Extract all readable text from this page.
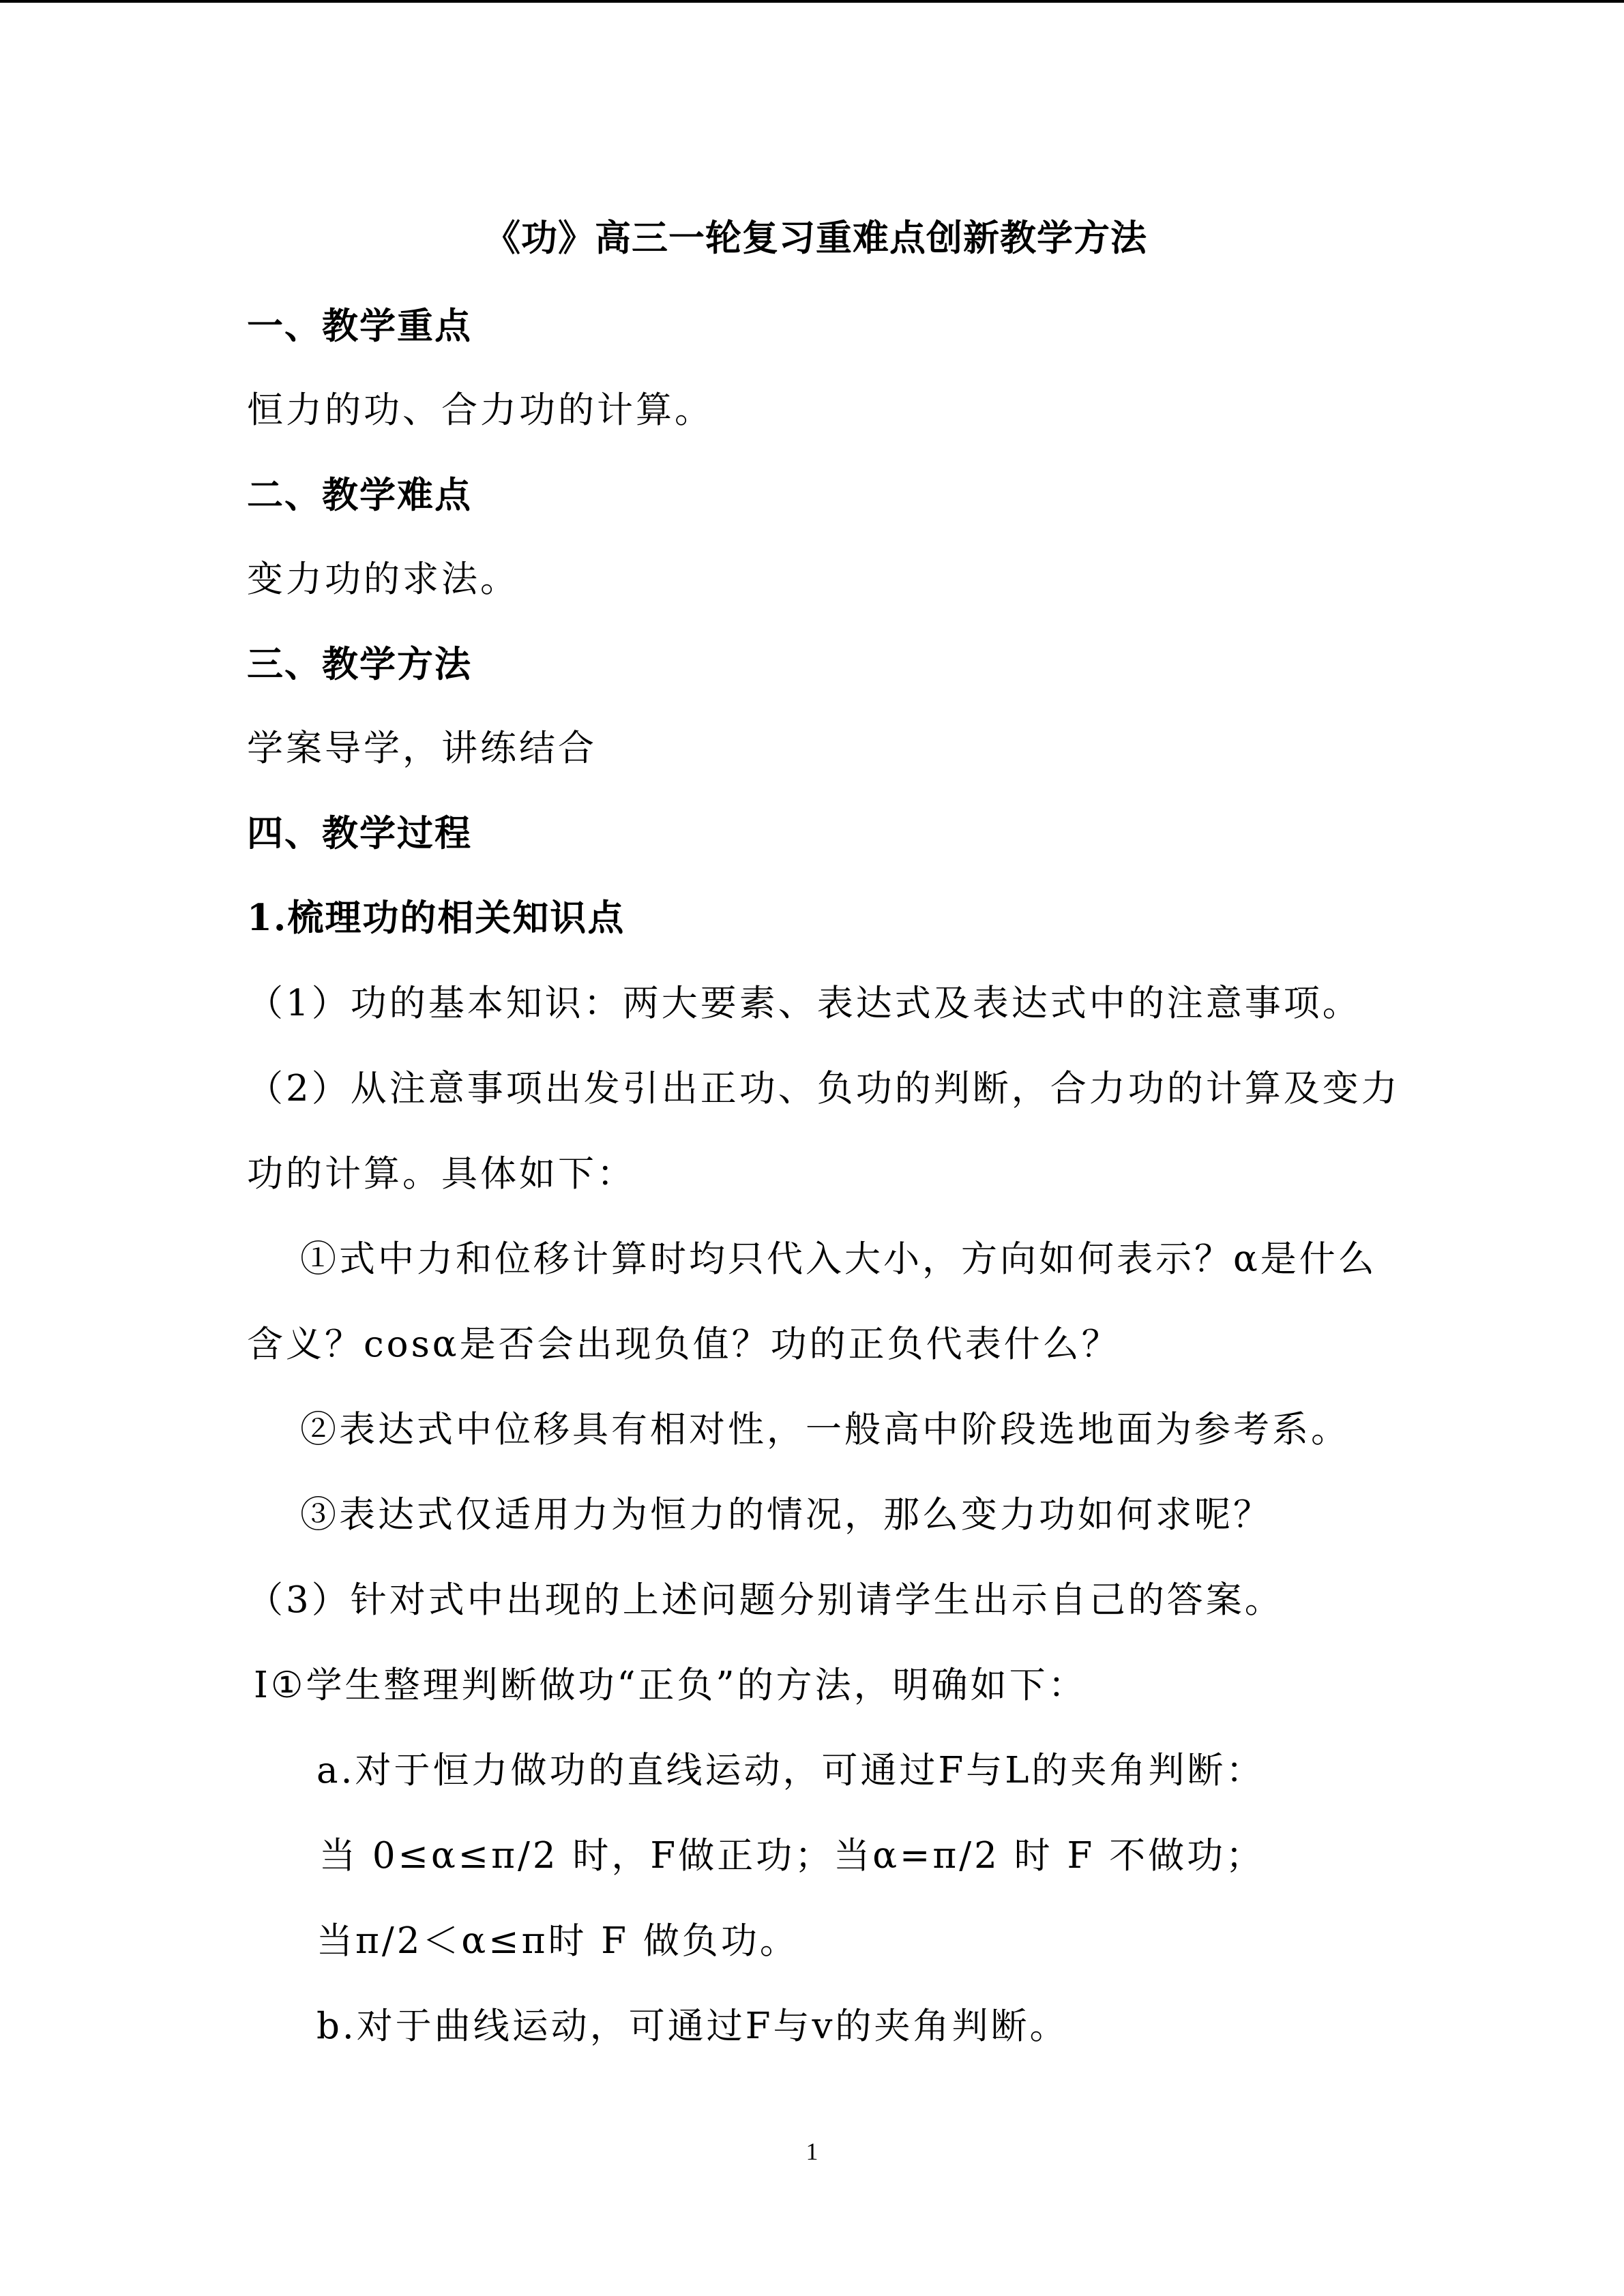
《功》高三一轮复习重难点创新教学方法
一、教学重点
恒力的功、合力功的计算。
二、教学难点
变力功的求法。
三、教学方法
学案导学，讲练结合
四、教学过程
1.梳理功的相关知识点
（1）功的基本知识：两大要素、表达式及表达式中的注意事项。
（2）从注意事项出发引出正功、负功的判断，合力功的计算及变力
功的计算。具体如下：
①式中力和位移计算时均只代入大小，方向如何表示？α是什么
含义？cosα是否会出现负值？功的正负代表什么？
②表达式中位移具有相对性，一般高中阶段选地面为参考系。
③表达式仅适用力为恒力的情况，那么变力功如何求呢？
（3）针对式中出现的上述问题分别请学生出示自己的答案。
Ⅰ①学生整理判断做功“正负”的方法，明确如下：
a.对于恒力做功的直线运动，可通过F与L的夹角判断：
当 0≤α≤π/2 时，F做正功；当α=π/2 时 F 不做功；
当π/2＜α≤π时 F 做负功。
b.对于曲线运动，可通过F与v的夹角判断。
1
